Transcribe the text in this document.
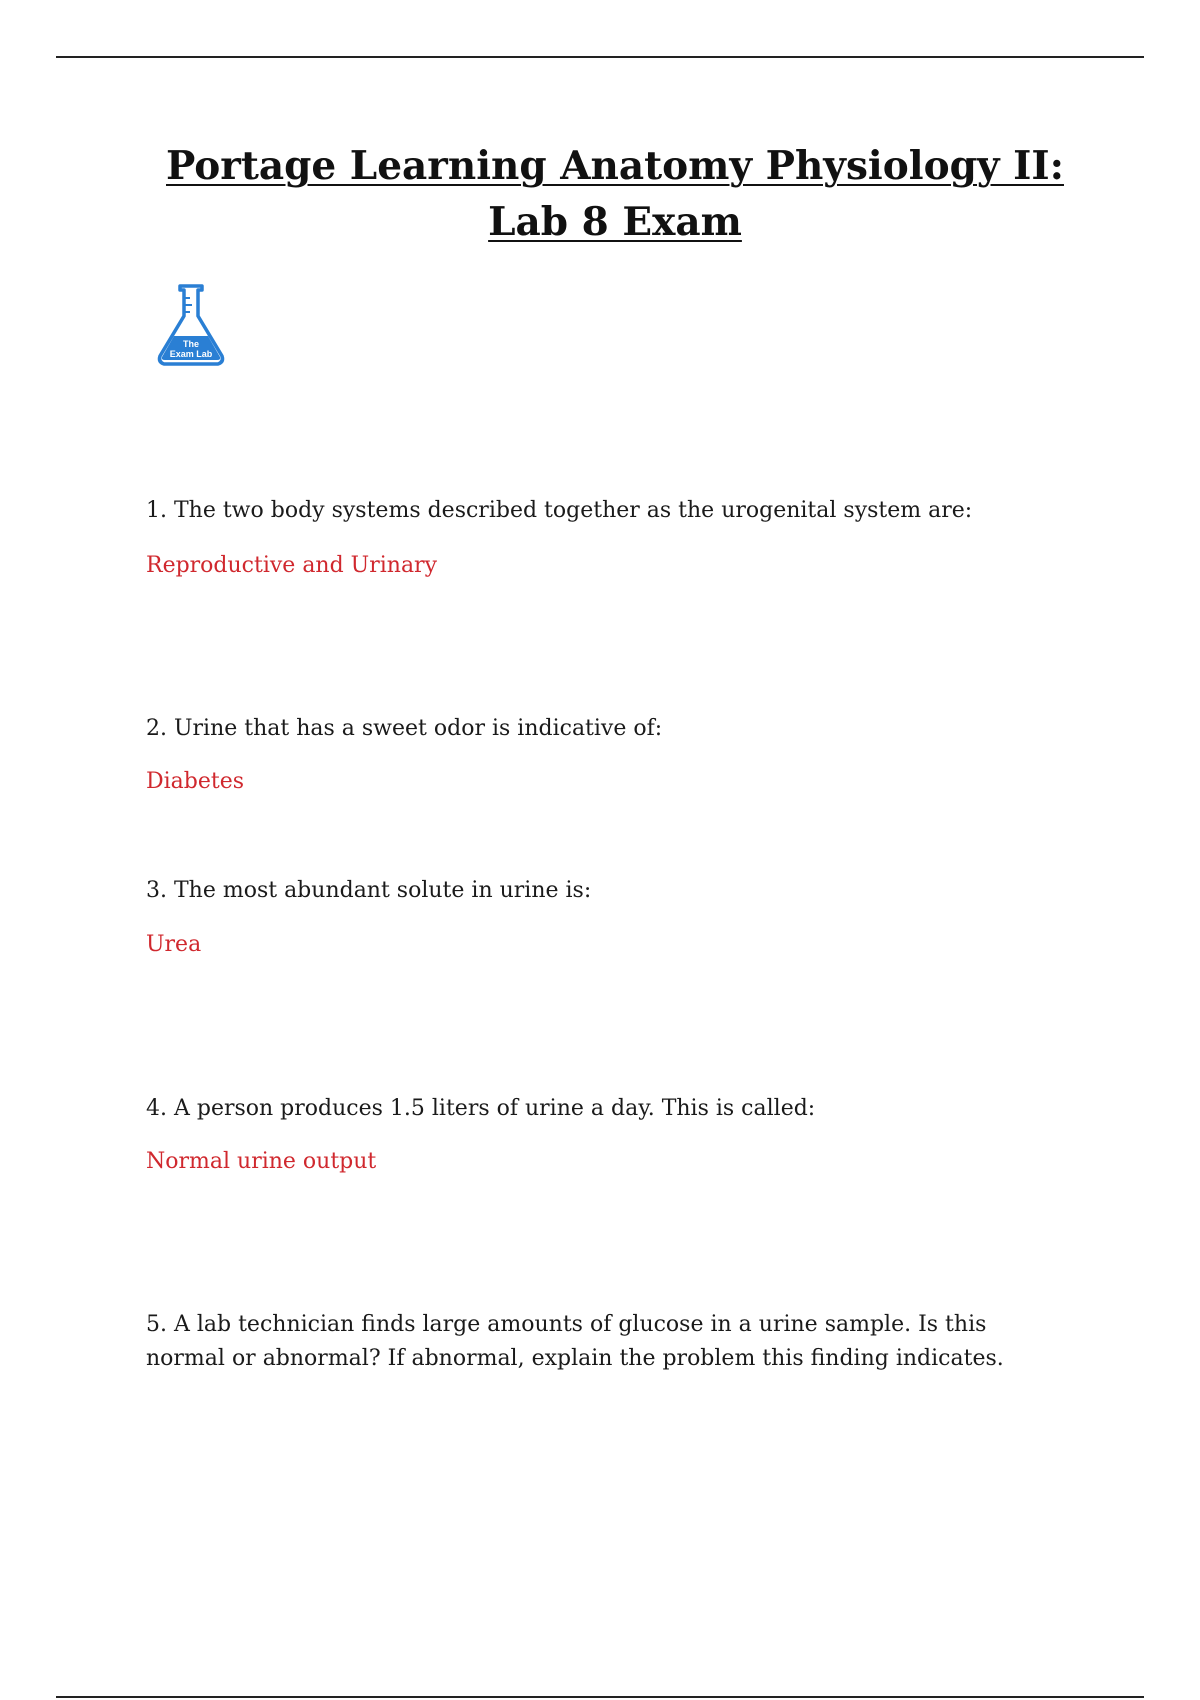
Portage Learning Anatomy Physiology II: Lab 8 Exam
The
Exam Lab

1. The two body systems described together as the urogenital system are:

Reproductive and Urinary

2. Urine that has a sweet odor is indicative of:

Diabetes

3. The most abundant solute in urine is:

Urea

4. A person produces 1.5 liters of urine a day. This is called:

Normal urine output

5. A lab technician finds large amounts of glucose in a urine sample. Is this normal or abnormal? If abnormal, explain the problem this finding indicates.
